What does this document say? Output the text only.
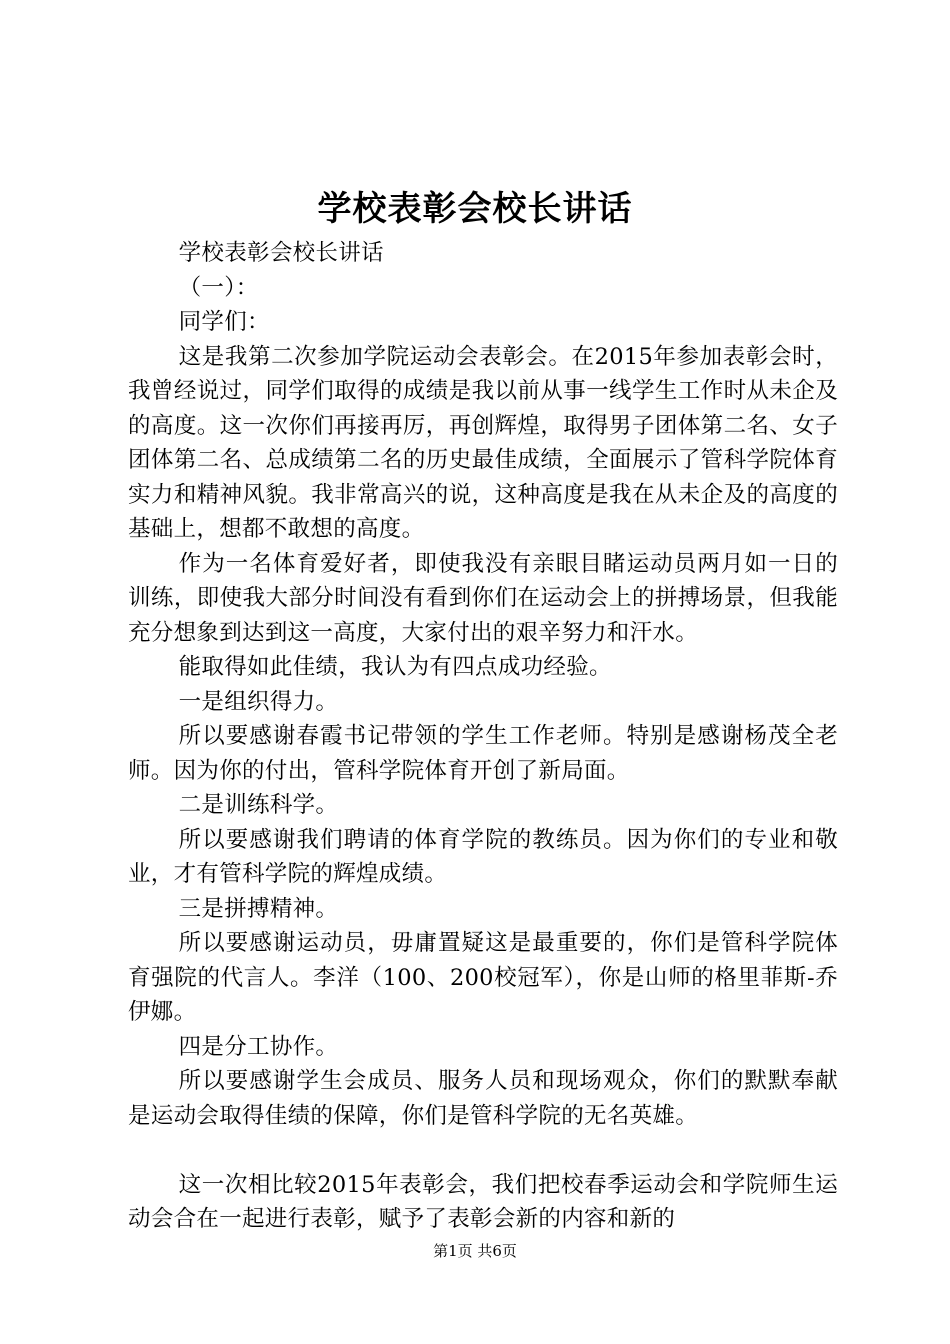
学校表彰会校长讲话

学校表彰会校长讲话

（一）：

同学们：

这是我第二次参加学院运动会表彰会。在2015年参加表彰会时，我曾经说过，同学们取得的成绩是我以前从事一线学生工作时从未企及的高度。这一次你们再接再厉，再创辉煌，取得男子团体第二名、女子团体第二名、总成绩第二名的历史最佳成绩，全面展示了管科学院体育实力和精神风貌。我非常高兴的说，这种高度是我在从未企及的高度的基础上，想都不敢想的高度。

作为一名体育爱好者，即使我没有亲眼目睹运动员两月如一日的训练，即使我大部分时间没有看到你们在运动会上的拼搏场景，但我能充分想象到达到这一高度，大家付出的艰辛努力和汗水。

能取得如此佳绩，我认为有四点成功经验。

一是组织得力。

所以要感谢春霞书记带领的学生工作老师。特别是感谢杨茂全老师。因为你的付出，管科学院体育开创了新局面。

二是训练科学。

所以要感谢我们聘请的体育学院的教练员。因为你们的专业和敬业，才有管科学院的辉煌成绩。

三是拼搏精神。

所以要感谢运动员，毋庸置疑这是最重要的，你们是管科学院体育强院的代言人。李洋（100、200校冠军），你是山师的格里菲斯-乔伊娜。

四是分工协作。

所以要感谢学生会成员、服务人员和现场观众，你们的默默奉献是运动会取得佳绩的保障，你们是管科学院的无名英雄。

这一次相比较2015年表彰会，我们把校春季运动会和学院师生运动会合在一起进行表彰，赋予了表彰会新的内容和新的

第1页 共6页
